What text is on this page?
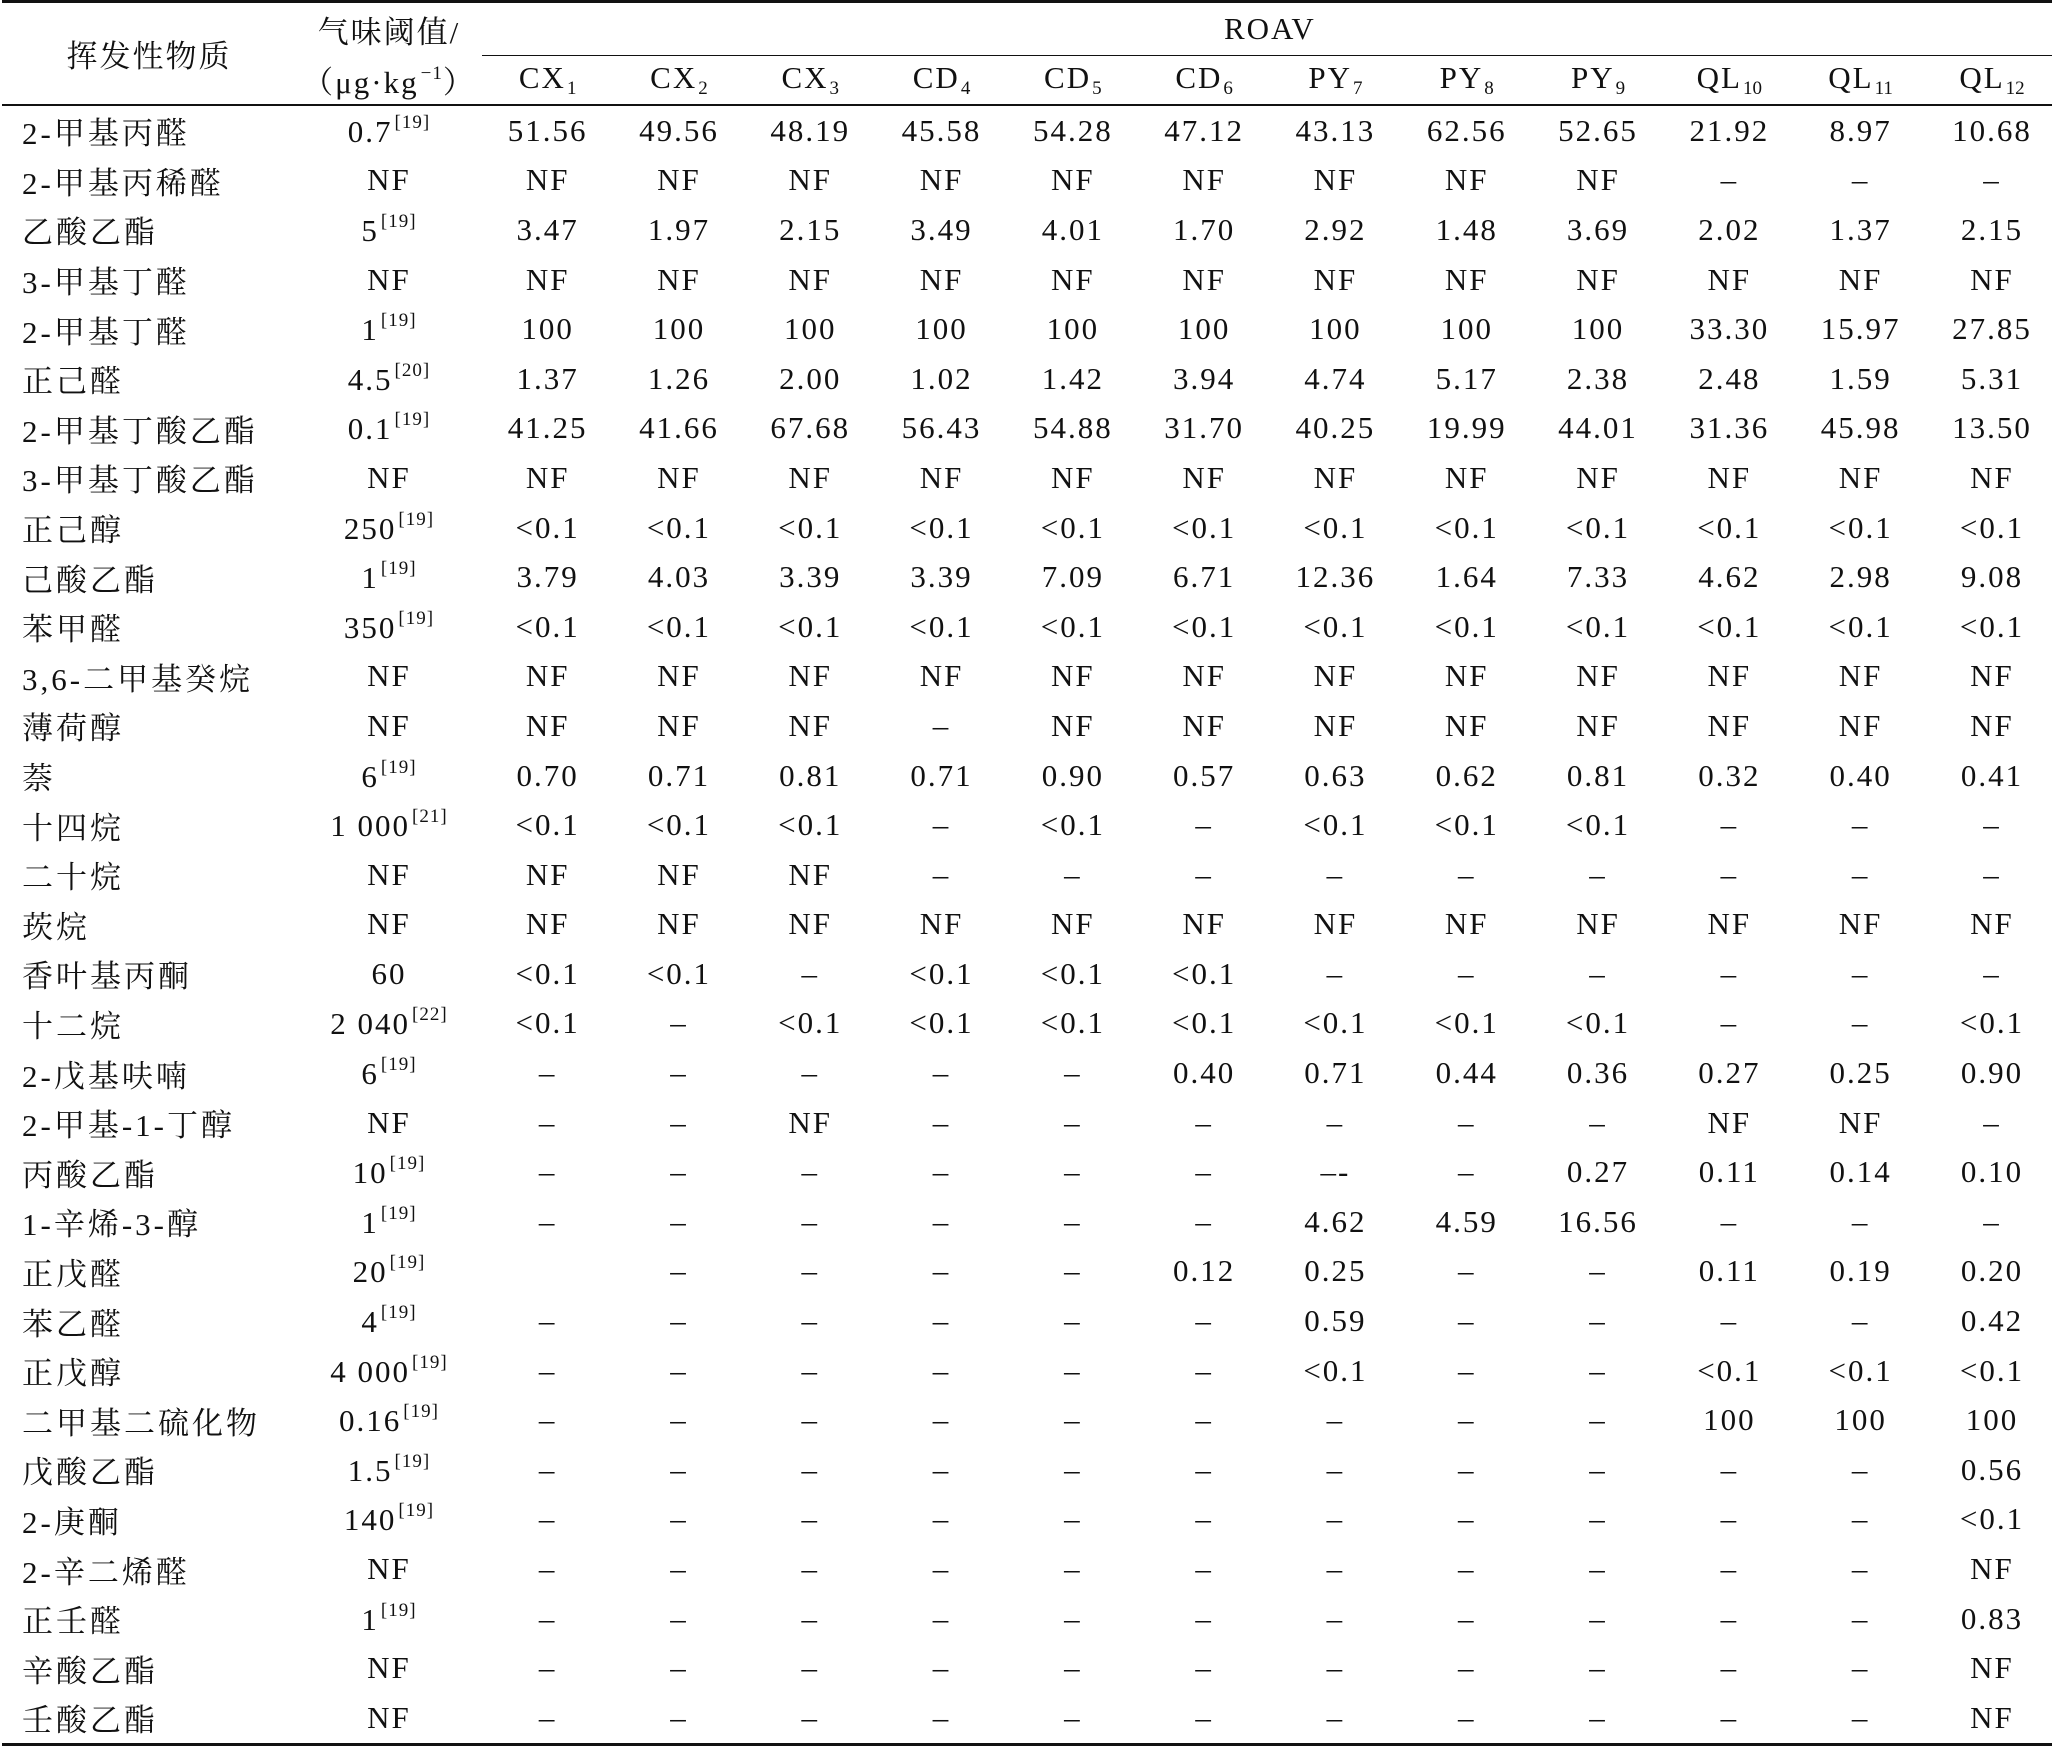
挥发性物质	气味阈值/	ROAV											
	（μg·kg $^{-1}$）	$CX_1$	$CX_2$	$CX_3$	$CD_4$	$CD_5$	$CD_6$	$PY_7$	$PY_8$	$PY_9$	$QL_{10}$	$QL_{11}$	$QL_{12}$
2-甲基丙醛	0.7 [19]	51.56	49.56	48.19	45.58	54.28	47.12	43.13	62.56	52.65	21.92	8.97	10.68
2-甲基丙稀醛	NF	NF	NF	NF	NF	NF	NF	NF	NF	NF	–	–	–
乙酸乙酯	5 [19]	3.47	1.97	2.15	3.49	4.01	1.70	2.92	1.48	3.69	2.02	1.37	2.15
3-甲基丁醛	NF	NF	NF	NF	NF	NF	NF	NF	NF	NF	NF	NF	NF
2-甲基丁醛	1 [19]	100	100	100	100	100	100	100	100	100	33.30	15.97	27.85
正己醛	4.5 [20]	1.37	1.26	2.00	1.02	1.42	3.94	4.74	5.17	2.38	2.48	1.59	5.31
2-甲基丁酸乙酯	0.1 [19]	41.25	41.66	67.68	56.43	54.88	31.70	40.25	19.99	44.01	31.36	45.98	13.50
3-甲基丁酸乙酯	NF	NF	NF	NF	NF	NF	NF	NF	NF	NF	NF	NF	NF
正己醇	250 [19]	<0.1	<0.1	<0.1	<0.1	<0.1	<0.1	<0.1	<0.1	<0.1	<0.1	<0.1	<0.1
己酸乙酯	1 [19]	3.79	4.03	3.39	3.39	7.09	6.71	12.36	1.64	7.33	4.62	2.98	9.08
苯甲醛	350 [19]	<0.1	<0.1	<0.1	<0.1	<0.1	<0.1	<0.1	<0.1	<0.1	<0.1	<0.1	<0.1
3,6-二甲基癸烷	NF	NF	NF	NF	NF	NF	NF	NF	NF	NF	NF	NF	NF
薄荷醇	NF	NF	NF	NF	–	NF	NF	NF	NF	NF	NF	NF	NF
萘	6 [19]	0.70	0.71	0.81	0.71	0.90	0.57	0.63	0.62	0.81	0.32	0.40	0.41
十四烷	1 000 [21]	<0.1	<0.1	<0.1	–	<0.1	–	<0.1	<0.1	<0.1	–	–	–
二十烷	NF	NF	NF	NF	–	–	–	–	–	–	–	–	–
莰烷	NF	NF	NF	NF	NF	NF	NF	NF	NF	NF	NF	NF	NF
香叶基丙酮	60	<0.1	<0.1	–	<0.1	<0.1	<0.1	–	–	–	–	–	–
十二烷	2 040 [22]	<0.1	–	<0.1	<0.1	<0.1	<0.1	<0.1	<0.1	<0.1	–	–	<0.1
2-戊基呋喃	6 [19]	–	–	–	–	–	0.40	0.71	0.44	0.36	0.27	0.25	0.90
2-甲基-1-丁醇	NF	–	–	NF	–	–	–	–	–	–	NF	NF	–
丙酸乙酯	10 [19]	–	–	–	–	–	–	–-	–	0.27	0.11	0.14	0.10
1-辛烯-3-醇	1 [19]	–	–	–	–	–	–	4.62	4.59	16.56	–	–	–
正戊醛	20 [19]		–	–	–	–	0.12	0.25	–	–	0.11	0.19	0.20
苯乙醛	4 [19]	–	–	–	–	–	–	0.59	–	–	–	–	0.42
正戊醇	4 000 [19]	–	–	–	–	–	–	<0.1	–	–	<0.1	<0.1	<0.1
二甲基二硫化物	0.16 [19]	–	–	–	–	–	–	–	–	–	100	100	100
戊酸乙酯	1.5 [19]	–	–	–	–	–	–	–	–	–	–	–	0.56
2-庚酮	140 [19]	–	–	–	–	–	–	–	–	–	–	–	<0.1
2-辛二烯醛	NF	–	–	–	–	–	–	–	–	–	–	–	NF
正壬醛	1 [19]	–	–	–	–	–	–	–	–	–	–	–	0.83
辛酸乙酯	NF	–	–	–	–	–	–	–	–	–	–	–	NF
壬酸乙酯	NF	–	–	–	–	–	–	–	–	–	–	–	NF
